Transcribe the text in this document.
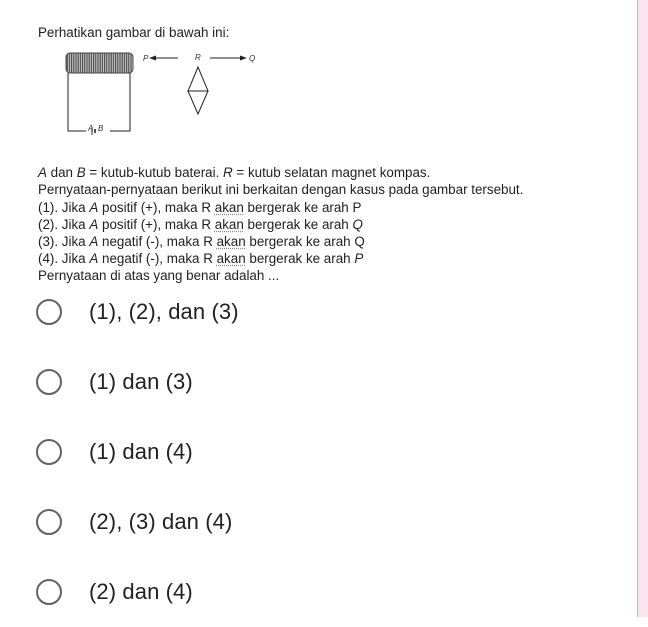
Perhatikan gambar di bawah ini:

A B
P	R	Q

A dan B = kutub-kutub baterai. R = kutub selatan magnet kompas.

Pernyataan-pernyataan berikut ini berkaitan dengan kasus pada gambar tersebut.

(1). Jika A positif (+), maka R akan bergerak ke arah P

(2). Jika A positif (+), maka R akan bergerak ke arah Q

(3). Jika A negatif (-), maka R akan bergerak ke arah Q

(4). Jika A negatif (-), maka R akan bergerak ke arah P

Pernyataan di atas yang benar adalah ...

(1), (2), dan (3)
(1) dan (3)
(1) dan (4)
(2), (3) dan (4)
(2) dan (4)
